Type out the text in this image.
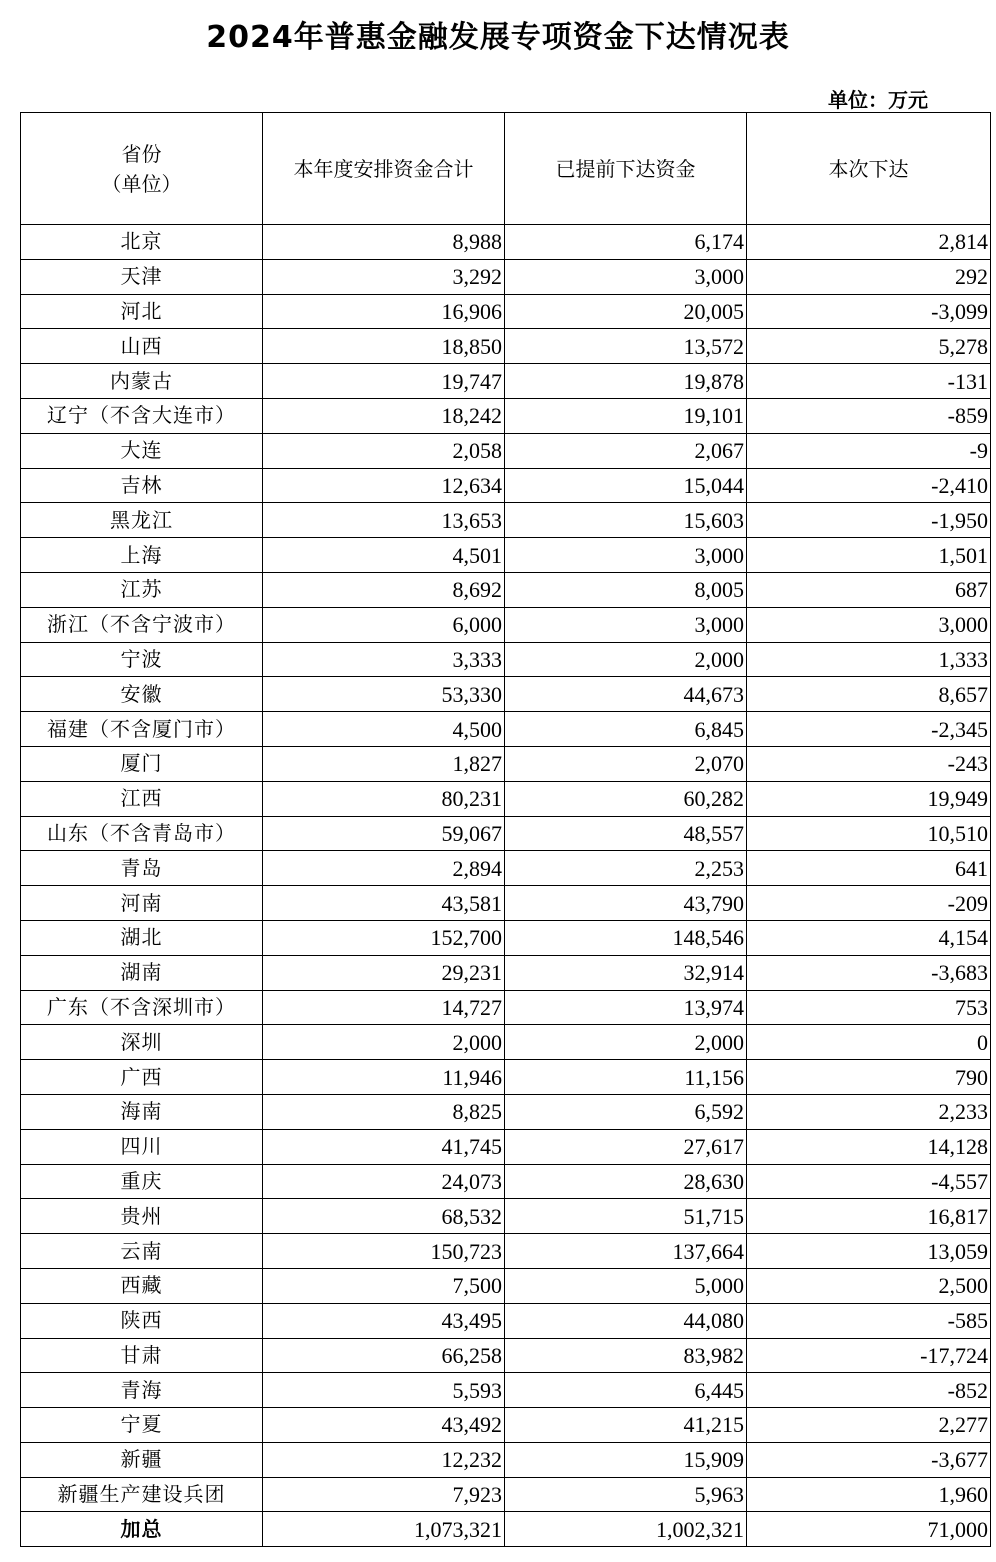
2024年普惠金融发展专项资金下达情况表
单位：万元
省份
（单位）	本年度安排资金合计	已提前下达资金	本次下达
北京	8,988	6,174	2,814
天津	3,292	3,000	292
河北	16,906	20,005	-3,099
山西	18,850	13,572	5,278
内蒙古	19,747	19,878	-131
辽宁（不含大连市）	18,242	19,101	-859
大连	2,058	2,067	-9
吉林	12,634	15,044	-2,410
黑龙江	13,653	15,603	-1,950
上海	4,501	3,000	1,501
江苏	8,692	8,005	687
浙江（不含宁波市）	6,000	3,000	3,000
宁波	3,333	2,000	1,333
安徽	53,330	44,673	8,657
福建（不含厦门市）	4,500	6,845	-2,345
厦门	1,827	2,070	-243
江西	80,231	60,282	19,949
山东（不含青岛市）	59,067	48,557	10,510
青岛	2,894	2,253	641
河南	43,581	43,790	-209
湖北	152,700	148,546	4,154
湖南	29,231	32,914	-3,683
广东（不含深圳市）	14,727	13,974	753
深圳	2,000	2,000	0
广西	11,946	11,156	790
海南	8,825	6,592	2,233
四川	41,745	27,617	14,128
重庆	24,073	28,630	-4,557
贵州	68,532	51,715	16,817
云南	150,723	137,664	13,059
西藏	7,500	5,000	2,500
陕西	43,495	44,080	-585
甘肃	66,258	83,982	-17,724
青海	5,593	6,445	-852
宁夏	43,492	41,215	2,277
新疆	12,232	15,909	-3,677
新疆生产建设兵团	7,923	5,963	1,960
加总	1,073,321	1,002,321	71,000
